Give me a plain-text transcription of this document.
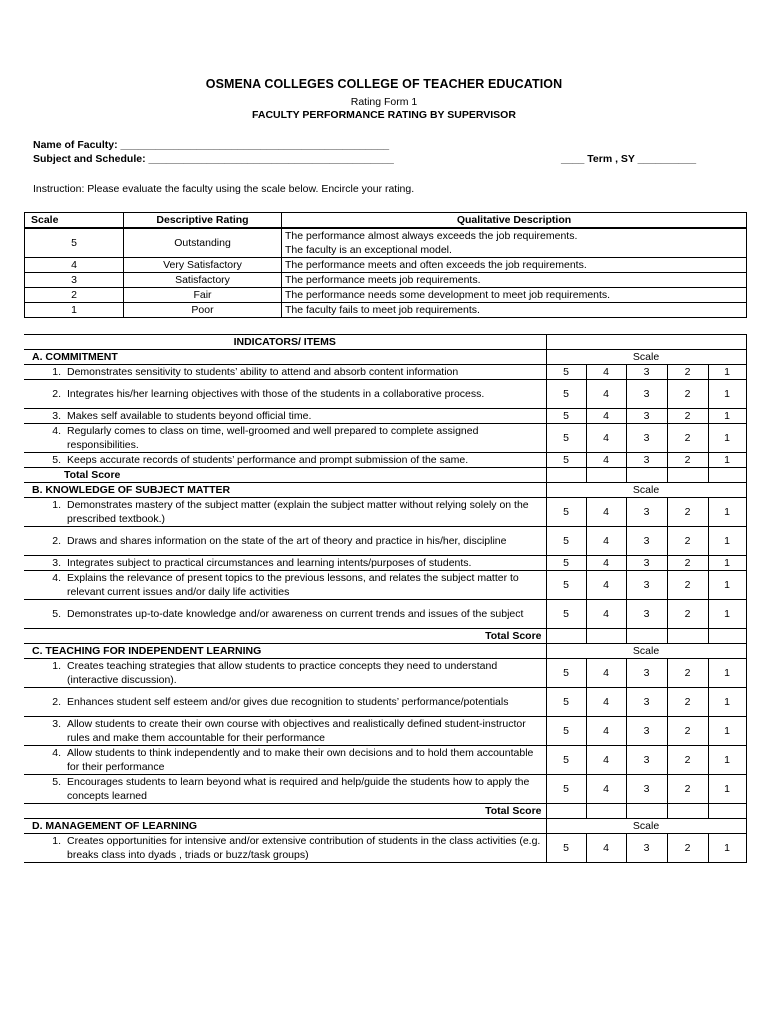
OSMENA COLLEGES COLLEGE OF TEACHER EDUCATION
Rating Form 1
FACULTY PERFORMANCE RATING BY SUPERVISOR
Name of Faculty: ______________________________________________
Subject and Schedule: __________________________________________	____ Term , SY __________
Instruction: Please evaluate the faculty using the scale below. Encircle your rating.
Scale	Descriptive Rating	Qualitative Description
5	Outstanding	The performance almost always exceeds the job requirements.
The faculty is an exceptional model.

4	Very Satisfactory	The performance meets and often exceeds the job requirements.
3	Satisfactory	The performance meets job requirements.
2	Fair	The performance needs some development to meet job requirements.
1	Poor	The faculty fails to meet job requirements.
INDICATORS/ ITEMS					
A. COMMITMENT	Scale				

1. Demonstrates sensitivity to students’ ability to attend and absorb content information	5	4	3	2	1

2. Integrates his/her learning objectives with those of the students in a collaborative process.	5	4	3	2	1

3. Makes self available to students beyond official time.	5	4	3	2	1

4. Regularly comes to class on time, well-groomed and well prepared to complete assigned responsibilities.	5	4	3	2	1

5. Keeps accurate records of students’ performance and prompt submission of the same.	5	4	3	2	1
Total Score					
B. KNOWLEDGE OF SUBJECT MATTER	Scale				

1. Demonstrates mastery of the subject matter (explain the subject matter without relying solely on the prescribed textbook.)	5	4	3	2	1

2. Draws and shares information on the state of the art of theory and practice in his/her, discipline	5	4	3	2	1

3. Integrates subject to practical circumstances and learning intents/purposes of students.	5	4	3	2	1

4. Explains the relevance of present topics to the previous lessons, and relates the subject matter to relevant current issues and/or daily life activities	5	4	3	2	1

5. Demonstrates up-to-date knowledge and/or awareness on current trends and issues of the subject	5	4	3	2	1
Total Score					
C. TEACHING FOR INDEPENDENT LEARNING	Scale				

1. Creates teaching strategies that allow students to practice concepts they need to understand (interactive discussion).	5	4	3	2	1

2. Enhances student self esteem and/or gives due recognition to students’ performance/potentials	5	4	3	2	1

3. Allow students to create their own course with objectives and realistically defined student-instructor rules and make them accountable for their performance	5	4	3	2	1

4. Allow students to think independently and to make their own decisions and to hold them accountable for their performance	5	4	3	2	1

5. Encourages students to learn beyond what is required and help/guide the students how to apply the concepts learned	5	4	3	2	1
Total Score					
D. MANAGEMENT OF LEARNING	Scale				

1. Creates opportunities for intensive and/or extensive contribution of students in the class activities (e.g. breaks class into dyads , triads or buzz/task groups)	5	4	3	2	1
